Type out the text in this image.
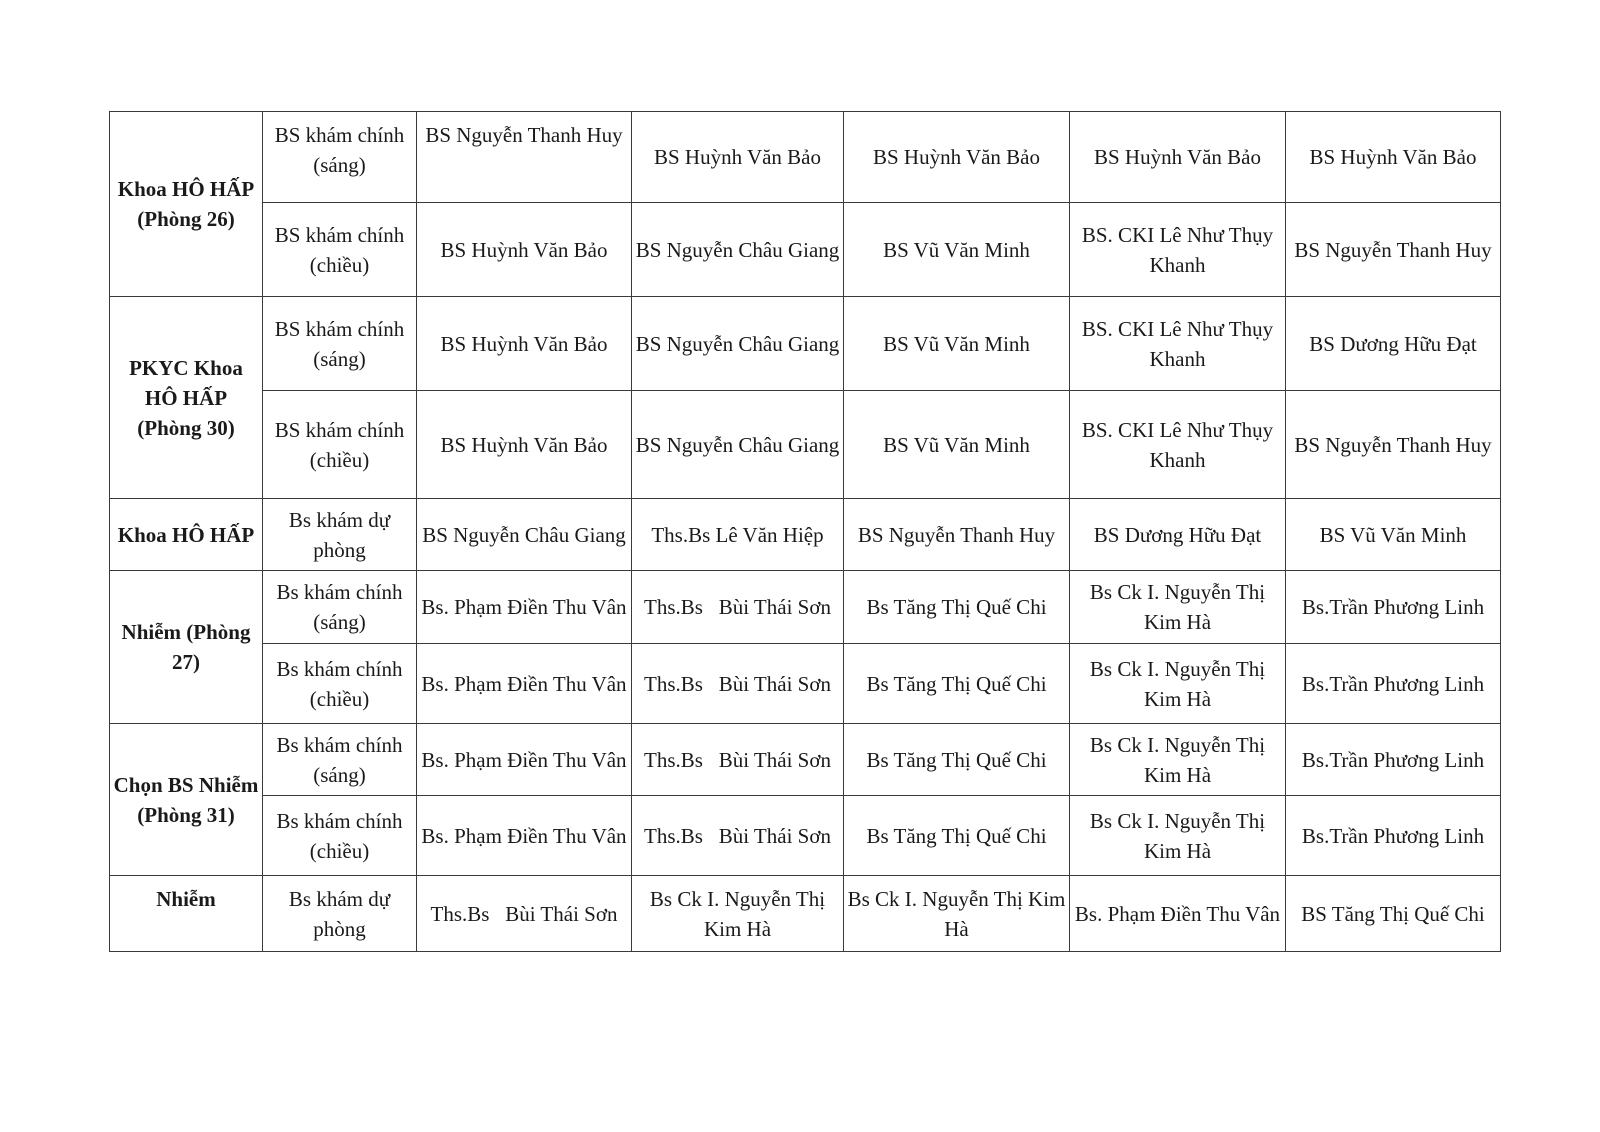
Khoa HÔ HẤP (Phòng 26)	BS khám chính (sáng)	BS Nguyễn Thanh Huy	BS Huỳnh Văn Bảo	BS Huỳnh Văn Bảo	BS Huỳnh Văn Bảo	BS Huỳnh Văn Bảo
	BS khám chính (chiều)	BS Huỳnh Văn Bảo	BS Nguyễn Châu Giang	BS Vũ Văn Minh	BS. CKI Lê Như Thụy Khanh	BS Nguyễn Thanh Huy
PKYC Khoa HÔ HẤP (Phòng 30)	BS khám chính (sáng)	BS Huỳnh Văn Bảo	BS Nguyễn Châu Giang	BS Vũ Văn Minh	BS. CKI Lê Như Thụy Khanh	BS Dương Hữu Đạt
	BS khám chính (chiều)	BS Huỳnh Văn Bảo	BS Nguyễn Châu Giang	BS Vũ Văn Minh	BS. CKI Lê Như Thụy Khanh	BS Nguyễn Thanh Huy
Khoa HÔ HẤP	Bs khám dự phòng	BS Nguyễn Châu Giang	Ths.Bs Lê Văn Hiệp	BS Nguyễn Thanh Huy	BS Dương Hữu Đạt	BS Vũ Văn Minh
Nhiễm (Phòng 27)	Bs khám chính (sáng)	Bs. Phạm Điền Thu Vân	Ths.Bs   Bùi Thái Sơn	Bs Tăng Thị Quế Chi	Bs Ck I. Nguyễn Thị Kim Hà	Bs.Trần Phương Linh
	Bs khám chính (chiều)	Bs. Phạm Điền Thu Vân	Ths.Bs   Bùi Thái Sơn	Bs Tăng Thị Quế Chi	Bs Ck I. Nguyễn Thị Kim Hà	Bs.Trần Phương Linh
Chọn BS Nhiễm (Phòng 31)	Bs khám chính (sáng)	Bs. Phạm Điền Thu Vân	Ths.Bs   Bùi Thái Sơn	Bs Tăng Thị Quế Chi	Bs Ck I. Nguyễn Thị Kim Hà	Bs.Trần Phương Linh
	Bs khám chính (chiều)	Bs. Phạm Điền Thu Vân	Ths.Bs   Bùi Thái Sơn	Bs Tăng Thị Quế Chi	Bs Ck I. Nguyễn Thị Kim Hà	Bs.Trần Phương Linh
Nhiễm	Bs khám dự phòng	Ths.Bs   Bùi Thái Sơn	Bs Ck I. Nguyễn Thị Kim Hà	Bs Ck I. Nguyễn Thị Kim Hà	Bs. Phạm Điền Thu Vân	BS Tăng Thị Quế Chi
